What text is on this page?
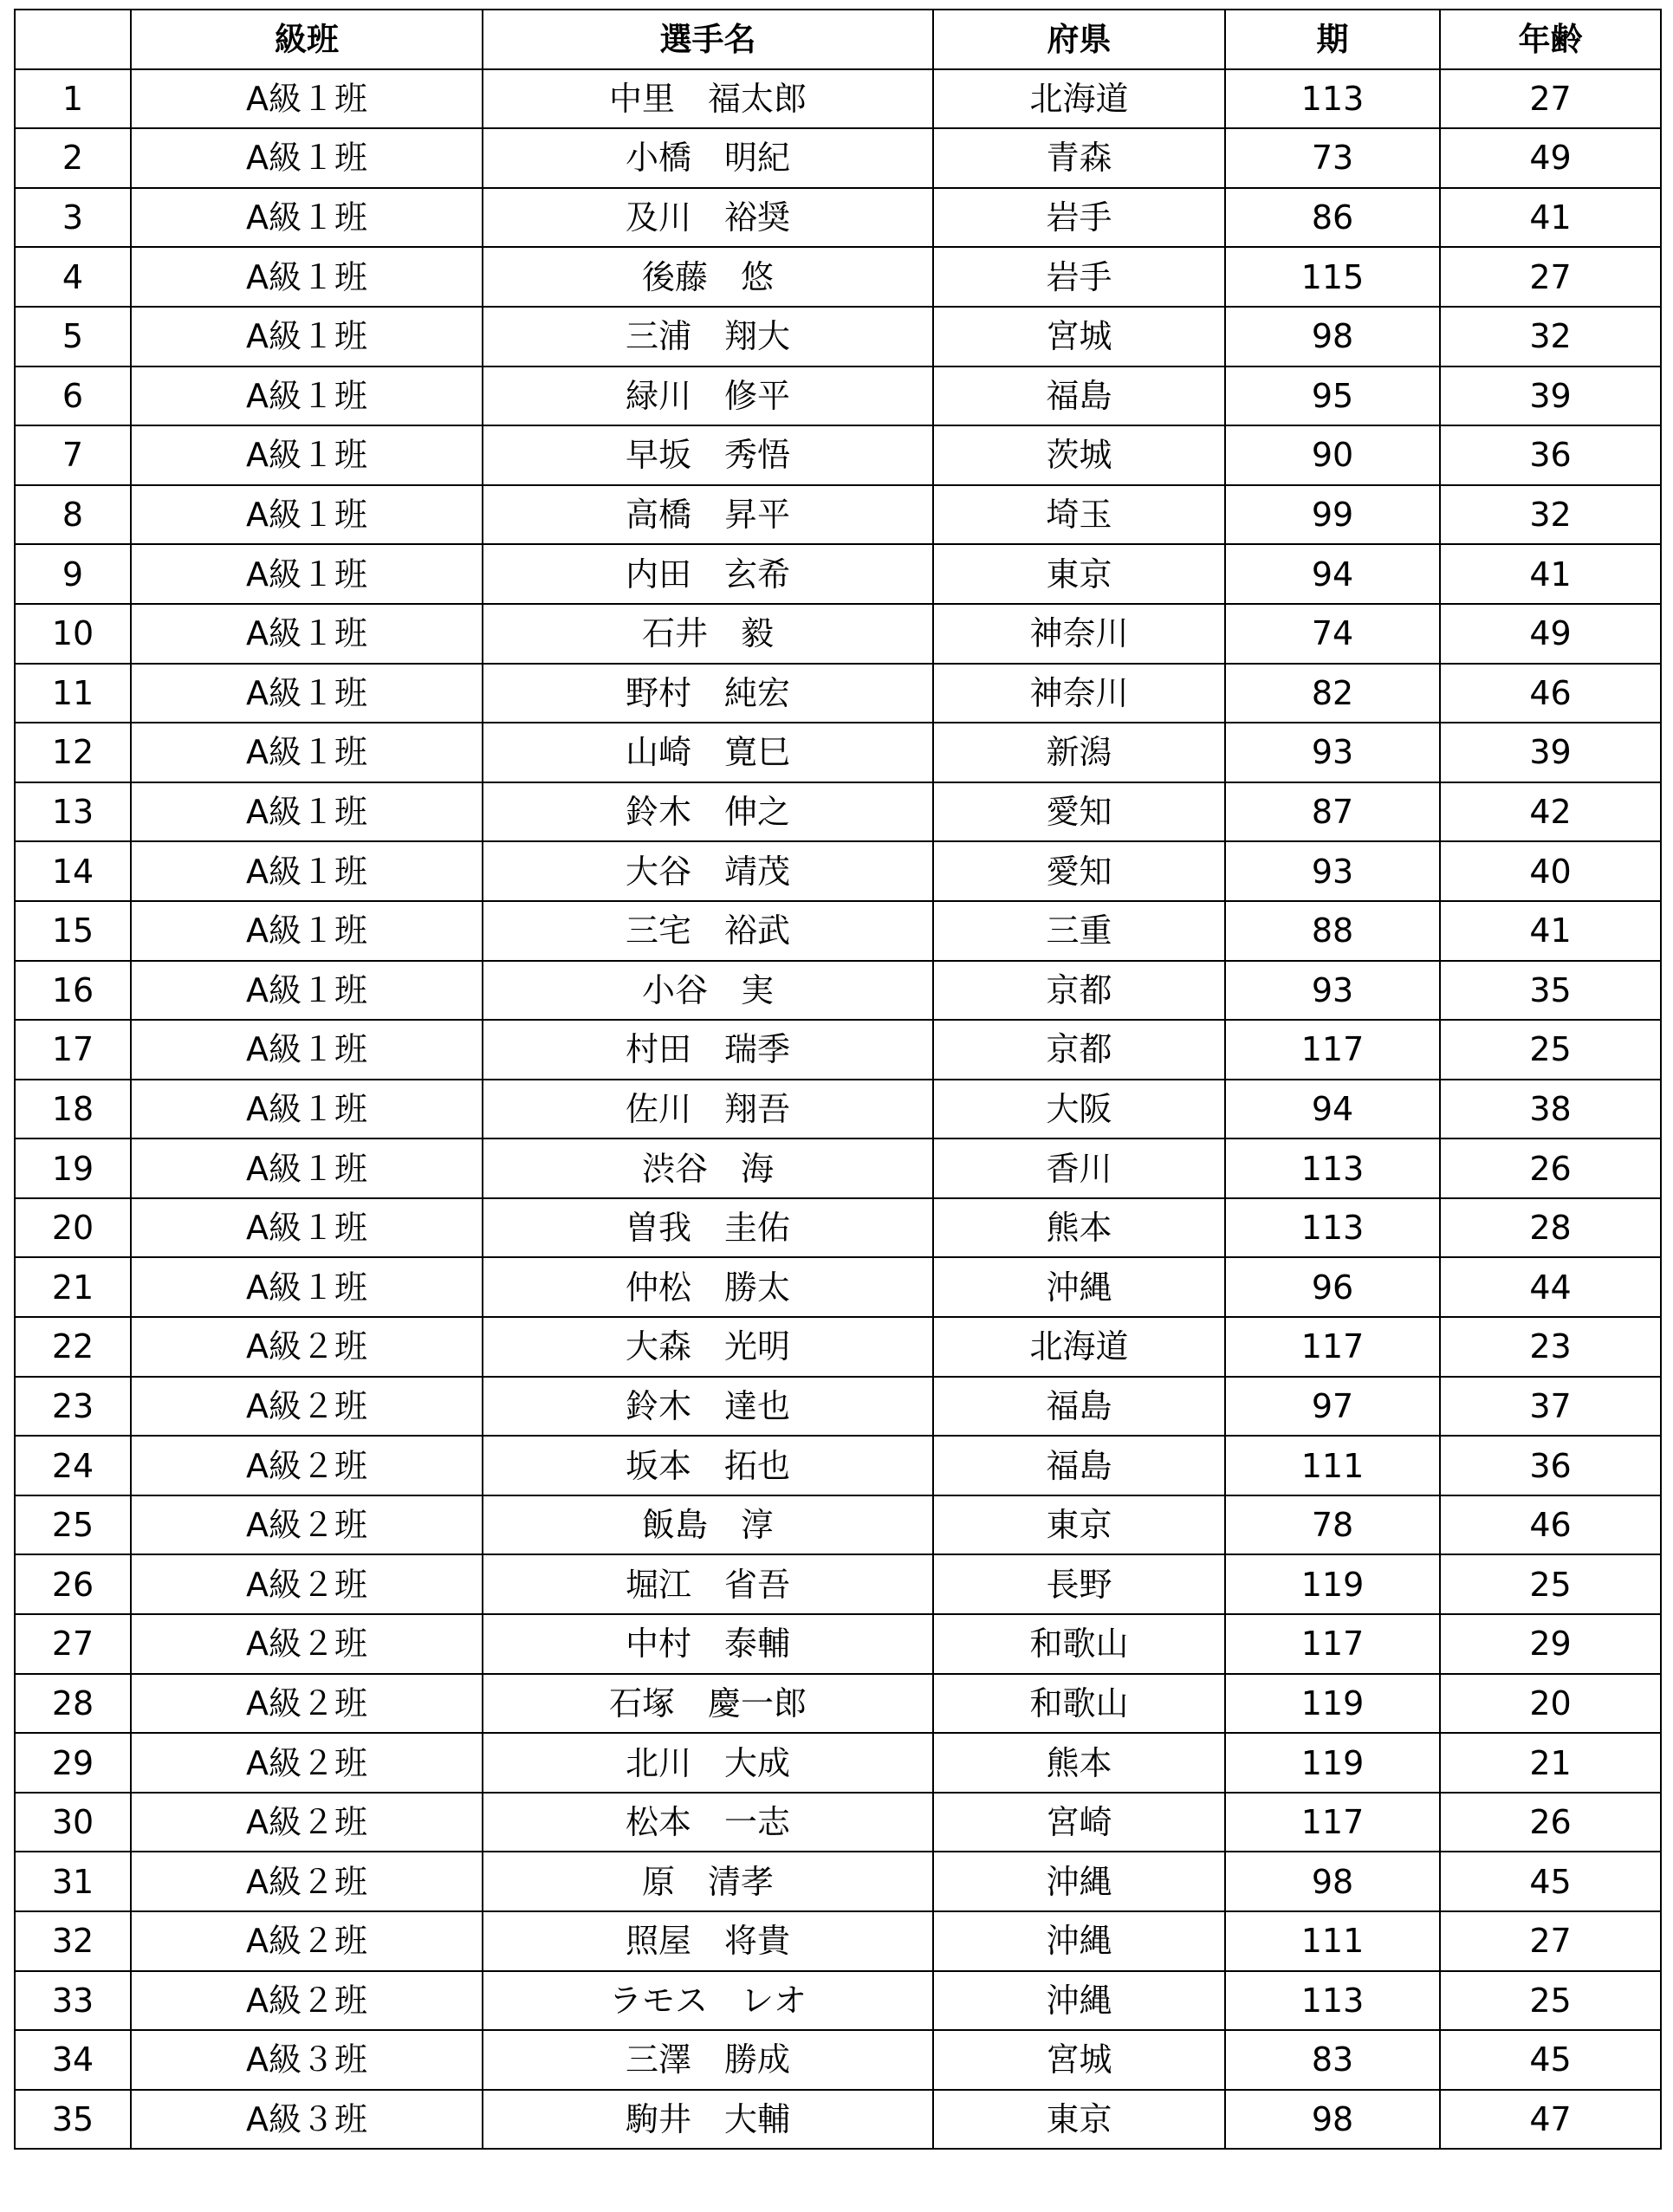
	級班	選手名	府県	期	年齢
1	A級１班	中里　福太郎	北海道	113	27
2	A級１班	小橋　明紀	青森	73	49
3	A級１班	及川　裕奨	岩手	86	41
4	A級１班	後藤　悠	岩手	115	27
5	A級１班	三浦　翔大	宮城	98	32
6	A級１班	緑川　修平	福島	95	39
7	A級１班	早坂　秀悟	茨城	90	36
8	A級１班	高橋　昇平	埼玉	99	32
9	A級１班	内田　玄希	東京	94	41
10	A級１班	石井　毅	神奈川	74	49
11	A級１班	野村　純宏	神奈川	82	46
12	A級１班	山崎　寛巳	新潟	93	39
13	A級１班	鈴木　伸之	愛知	87	42
14	A級１班	大谷　靖茂	愛知	93	40
15	A級１班	三宅　裕武	三重	88	41
16	A級１班	小谷　実	京都	93	35
17	A級１班	村田　瑞季	京都	117	25
18	A級１班	佐川　翔吾	大阪	94	38
19	A級１班	渋谷　海	香川	113	26
20	A級１班	曽我　圭佑	熊本	113	28
21	A級１班	仲松　勝太	沖縄	96	44
22	A級２班	大森　光明	北海道	117	23
23	A級２班	鈴木　達也	福島	97	37
24	A級２班	坂本　拓也	福島	111	36
25	A級２班	飯島　淳	東京	78	46
26	A級２班	堀江　省吾	長野	119	25
27	A級２班	中村　泰輔	和歌山	117	29
28	A級２班	石塚　慶一郎	和歌山	119	20
29	A級２班	北川　大成	熊本	119	21
30	A級２班	松本　一志	宮崎	117	26
31	A級２班	原　清孝	沖縄	98	45
32	A級２班	照屋　将貴	沖縄	111	27
33	A級２班	ラモス　レオ	沖縄	113	25
34	A級３班	三澤　勝成	宮城	83	45
35	A級３班	駒井　大輔	東京	98	47
